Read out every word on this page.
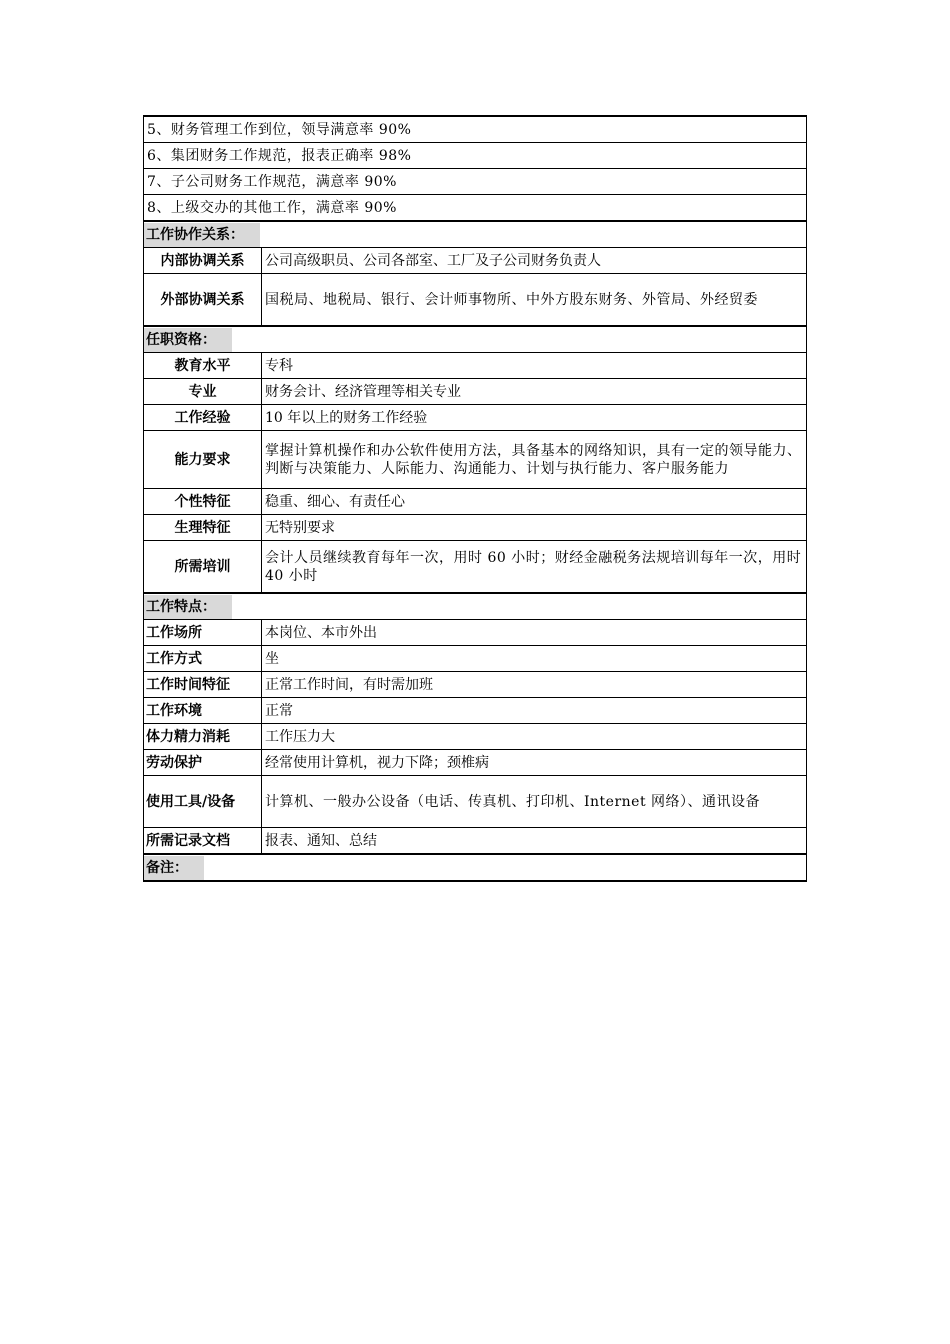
5、财务管理工作到位，领导满意率 90%	
6、集团财务工作规范，报表正确率 98%	
7、子公司财务工作规范，满意率 90%	
8、上级交办的其他工作，满意率 90%	
工作协作关系：	
内部协调关系	公司高级职员、公司各部室、工厂及子公司财务负责人
外部协调关系	国税局、地税局、银行、会计师事物所、中外方股东财务、外管局、外经贸委
任职资格：	
教育水平	专科
专业	财务会计、经济管理等相关专业
工作经验	10 年以上的财务工作经验
能力要求	掌握计算机操作和办公软件使用方法，具备基本的网络知识，具有一定的领导能力、判断与决策能力、人际能力、沟通能力、计划与执行能力、客户服务能力
个性特征	稳重、细心、有责任心
生理特征	无特别要求
所需培训	会计人员继续教育每年一次，用时 60 小时；财经金融税务法规培训每年一次，用时 40 小时
工作特点：	
工作场所	本岗位、本市外出
工作方式	坐
工作时间特征	正常工作时间，有时需加班
工作环境	正常
体力精力消耗	工作压力大
劳动保护	经常使用计算机，视力下降；颈椎病
使用工具/设备	计算机、一般办公设备（电话、传真机、打印机、Internet 网络）、通讯设备
所需记录文档	报表、通知、总结
备注：	
